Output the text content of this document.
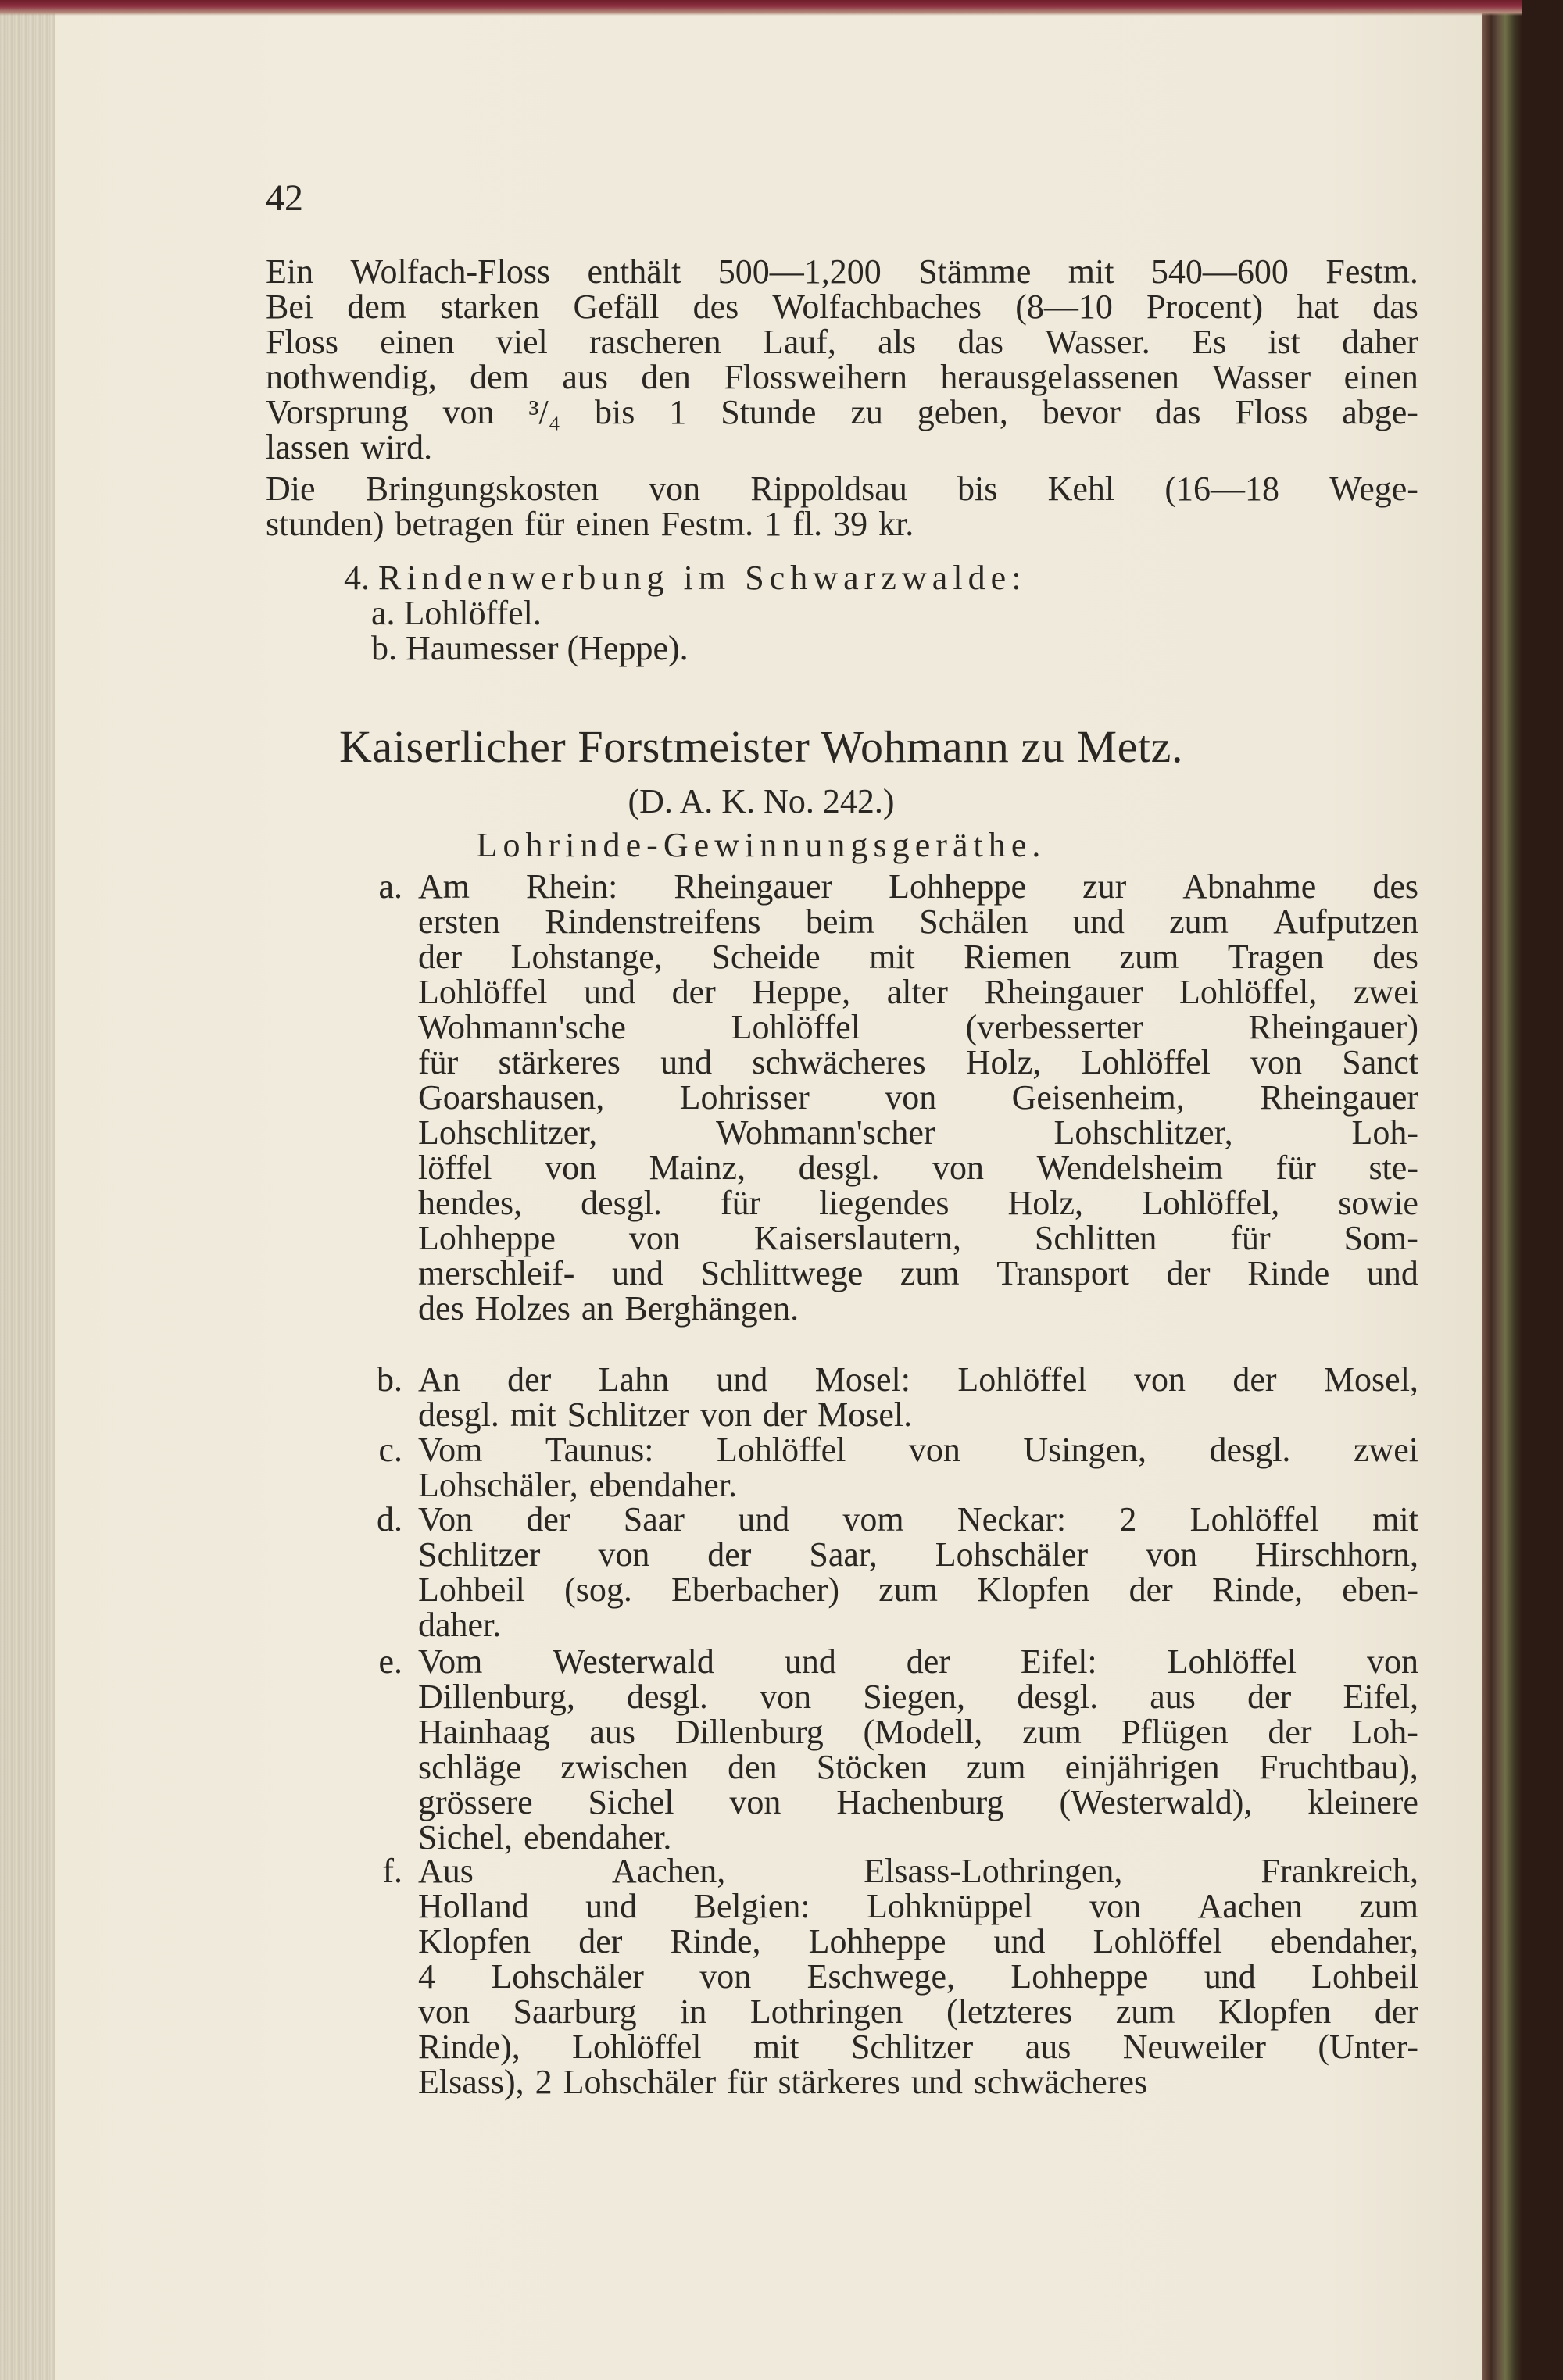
42
Ein Wolfach-Floss enthält 500—1,200 Stämme mit 540—600 Festm.
Bei dem starken Gefäll des Wolfachbaches (8—10 Procent) hat das
Floss einen viel rascheren Lauf, als das Wasser. Es ist daher
nothwendig, dem aus den Flossweihern herausgelassenen Wasser einen
Vorsprung von ³/₄ bis 1 Stunde zu geben, bevor das Floss abge-
lassen wird.
Die Bringungskosten von Rippoldsau bis Kehl (16—18 Wege-
stunden) betragen für einen Festm. 1 fl. 39 kr.
4. Rindenwerbung im Schwarzwalde:
a. Lohlöffel.
b. Haumesser (Heppe).
Kaiserlicher Forstmeister Wohmann zu Metz.
(D. A. K. No. 242.)
Lohrinde-Gewinnungsgeräthe.
a. Am Rhein: Rheingauer Lohheppe zur Abnahme des
ersten Rindenstreifens beim Schälen und zum Aufputzen
der Lohstange, Scheide mit Riemen zum Tragen des
Lohlöffel und der Heppe, alter Rheingauer Lohlöffel, zwei
Wohmann'sche	Lohlöffel	(verbesserter	Rheingauer)
für stärkeres und schwächeres Holz, Lohlöffel von Sanct
Goarshausen, Lohrisser von Geisenheim, Rheingauer
Lohschlitzer,	Wohmann'scher	Lohschlitzer,	Loh-
löffel von Mainz, desgl. von Wendelsheim für ste-
hendes, desgl. für liegendes Holz, Lohlöffel, sowie
Lohheppe von Kaiserslautern, Schlitten für Som-
merschleif- und Schlittwege zum Transport der Rinde und
des Holzes an Berghängen.
b. An der Lahn und Mosel: Lohlöffel von der Mosel,
desgl. mit Schlitzer von der Mosel.
c. Vom Taunus: Lohlöffel von Usingen, desgl. zwei
Lohschäler, ebendaher.
d. Von der Saar und vom Neckar: 2 Lohlöffel mit
Schlitzer von der Saar, Lohschäler von Hirschhorn,
Lohbeil (sog. Eberbacher) zum Klopfen der Rinde, eben-
daher.
e. Vom Westerwald und der Eifel: Lohlöffel von
Dillenburg, desgl. von Siegen, desgl. aus der Eifel,
Hainhaag aus Dillenburg (Modell, zum Pflügen der Loh-
schläge zwischen den Stöcken zum einjährigen Fruchtbau),
grössere Sichel von Hachenburg (Westerwald), kleinere
Sichel, ebendaher.
f. Aus	Aachen,	Elsass-Lothringen,	Frankreich,
Holland und Belgien: Lohknüppel von Aachen zum
Klopfen der Rinde, Lohheppe und Lohlöffel ebendaher,
4 Lohschäler von Eschwege, Lohheppe und Lohbeil
von Saarburg in Lothringen (letzteres zum Klopfen der
Rinde), Lohlöffel mit Schlitzer aus Neuweiler (Unter-
Elsass), 2 Lohschäler für stärkeres und schwächeres
